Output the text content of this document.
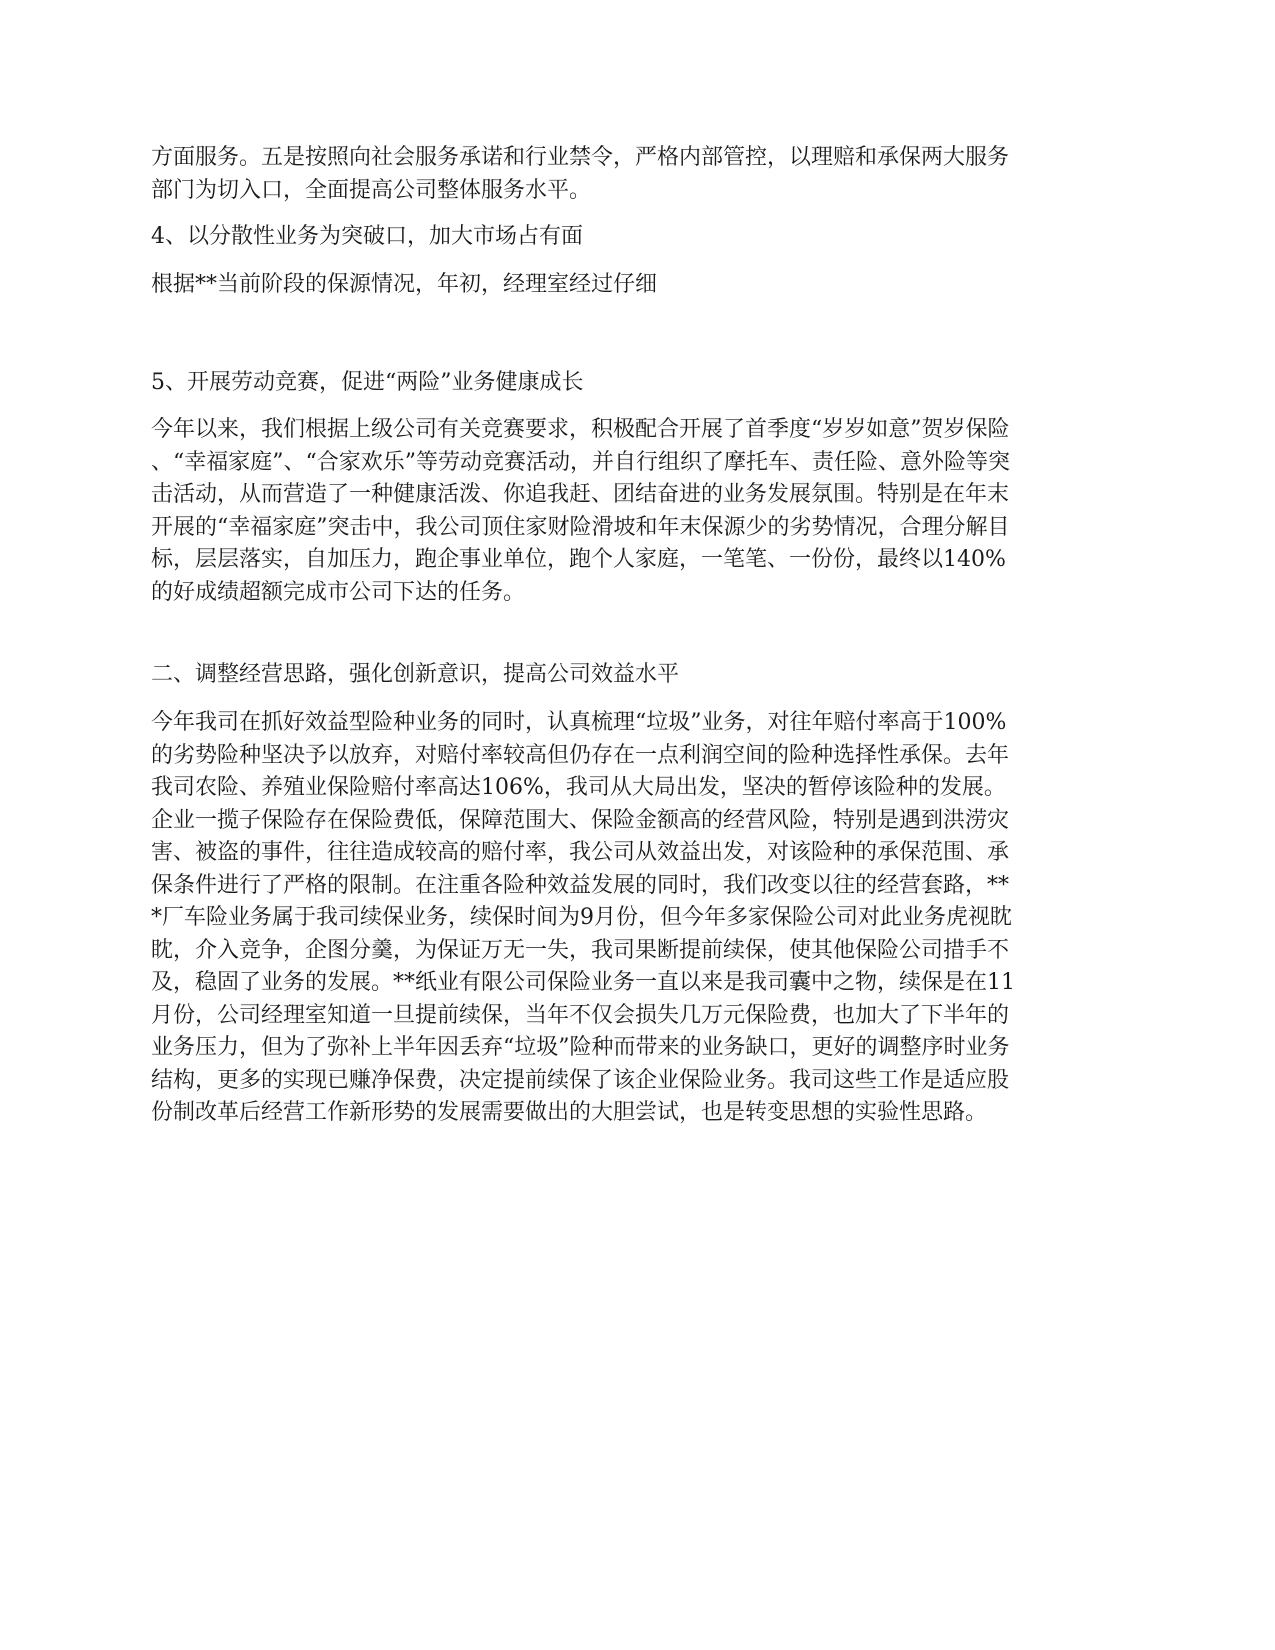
方面服务。五是按照向社会服务承诺和行业禁令，严格内部管控，以理赔和承保两大服务
部门为切入口，全面提高公司整体服务水平。

4、以分散性业务为突破口，加大市场占有面

根据**当前阶段的保源情况，年初，经理室经过仔细

5、开展劳动竞赛，促进“两险”业务健康成长

今年以来，我们根据上级公司有关竞赛要求，积极配合开展了首季度“岁岁如意”贺岁保险
、“幸福家庭”、“合家欢乐”等劳动竞赛活动，并自行组织了摩托车、责任险、意外险等突
击活动，从而营造了一种健康活泼、你追我赶、团结奋进的业务发展氛围。特别是在年末
开展的“幸福家庭”突击中，我公司顶住家财险滑坡和年末保源少的劣势情况，合理分解目
标，层层落实，自加压力，跑企事业单位，跑个人家庭，一笔笔、一份份，最终以140%
的好成绩超额完成市公司下达的任务。

二、调整经营思路，强化创新意识，提高公司效益水平

今年我司在抓好效益型险种业务的同时，认真梳理“垃圾”业务，对往年赔付率高于100%
的劣势险种坚决予以放弃，对赔付率较高但仍存在一点利润空间的险种选择性承保。去年
我司农险、养殖业保险赔付率高达106%，我司从大局出发，坚决的暂停该险种的发展。
企业一揽子保险存在保险费低，保障范围大、保险金额高的经营风险，特别是遇到洪涝灾
害、被盗的事件，往往造成较高的赔付率，我公司从效益出发，对该险种的承保范围、承
保条件进行了严格的限制。在注重各险种效益发展的同时，我们改变以往的经营套路，**
*厂车险业务属于我司续保业务，续保时间为9月份，但今年多家保险公司对此业务虎视眈
眈，介入竞争，企图分羹，为保证万无一失，我司果断提前续保，使其他保险公司措手不
及，稳固了业务的发展。**纸业有限公司保险业务一直以来是我司囊中之物，续保是在11
月份，公司经理室知道一旦提前续保，当年不仅会损失几万元保险费，也加大了下半年的
业务压力，但为了弥补上半年因丢弃“垃圾”险种而带来的业务缺口，更好的调整序时业务
结构，更多的实现已赚净保费，决定提前续保了该企业保险业务。我司这些工作是适应股
份制改革后经营工作新形势的发展需要做出的大胆尝试，也是转变思想的实验性思路。
